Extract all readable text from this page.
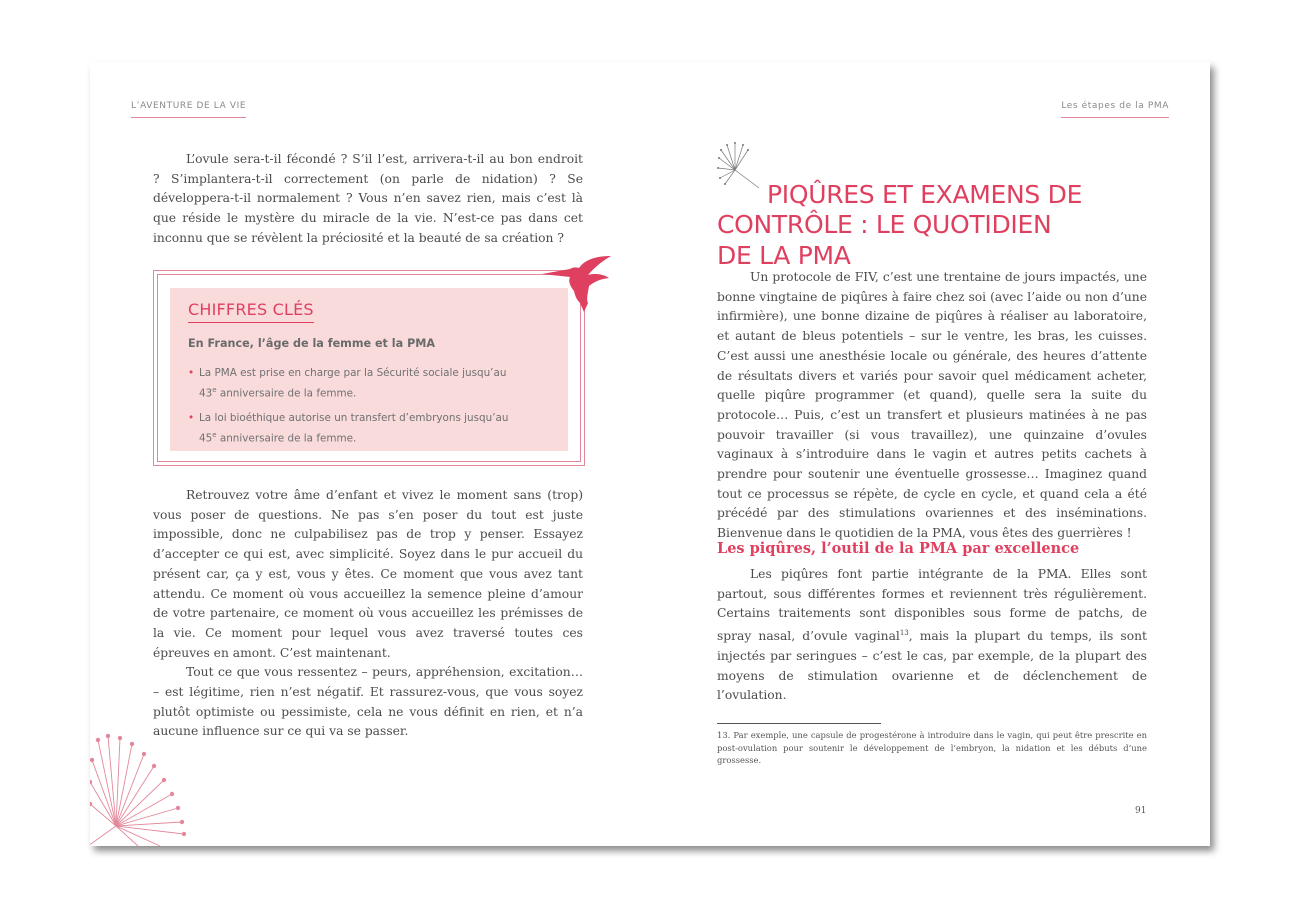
L’AVENTURE DE LA VIE

L’ovule sera-t-il fécondé ? S’il l’est, arrivera-t-il au bon endroit ? S’implantera-t-il correctement (on parle de nidation) ? Se développera-t-il normalement ? Vous n’en savez rien, mais c’est là que réside le mystère du miracle de la vie. N’est-ce pas dans cet inconnu que se révèlent la préciosité et la beauté de sa création ?

CHIFFRES CLÉS
En France, l’âge de la femme et la PMA
• La PMA est prise en charge par la Sécurité sociale jusqu’au
43e anniversaire de la femme.
• La loi bioéthique autorise un transfert d’embryons jusqu’au
45e anniversaire de la femme.

Retrouvez votre âme d’enfant et vivez le moment sans (trop) vous poser de questions. Ne pas s’en poser du tout est juste impossible, donc ne culpabilisez pas de trop y penser. Essayez d’accepter ce qui est, avec simplicité. Soyez dans le pur accueil du présent car, ça y est, vous y êtes. Ce moment que vous avez tant attendu. Ce moment où vous accueillez la semence pleine d’amour de votre partenaire, ce moment où vous accueillez les prémisses de la vie. Ce moment pour lequel vous avez traversé toutes ces épreuves en amont. C’est maintenant.

Tout ce que vous ressentez – peurs, appréhension, excitation… – est légitime, rien n’est négatif. Et rassurez-vous, que vous soyez plutôt optimiste ou pessimiste, cela ne vous définit en rien, et n’a aucune influence sur ce qui va se passer.

Les étapes de la PMA
PIQÛRES ET EXAMENS DE
CONTRÔLE : LE QUOTIDIEN
DE LA PMA

Un protocole de FIV, c’est une trentaine de jours impactés, une bonne vingtaine de piqûres à faire chez soi (avec l’aide ou non d’une infirmière), une bonne dizaine de piqûres à réaliser au laboratoire, et autant de bleus potentiels – sur le ventre, les bras, les cuisses. C’est aussi une anesthésie locale ou générale, des heures d’attente de résultats divers et variés pour savoir quel médicament acheter, quelle piqûre programmer (et quand), quelle sera la suite du protocole… Puis, c’est un transfert et plusieurs matinées à ne pas pouvoir travailler (si vous travaillez), une quinzaine d’ovules vaginaux à s’introduire dans le vagin et autres petits cachets à prendre pour soutenir une éventuelle grossesse… Imaginez quand tout ce processus se répète, de cycle en cycle, et quand cela a été précédé par des stimulations ovariennes et des inséminations. Bienvenue dans le quotidien de la PMA, vous êtes des guerrières !

Les piqûres, l’outil de la PMA par excellence

Les piqûres font partie intégrante de la PMA. Elles sont partout, sous différentes formes et reviennent très régulièrement. Certains traitements sont disponibles sous forme de patchs, de spray nasal, d’ovule vaginal$^{13}$, mais la plupart du temps, ils sont injectés par seringues – c’est le cas, par exemple, de la plupart des moyens de stimulation ovarienne et de déclenchement de l’ovulation.

13. Par exemple, une capsule de progestérone à introduire dans le vagin, qui peut être prescrite en post-ovulation pour soutenir le développement de l’embryon, la nidation et les débuts d’une grossesse.
91
